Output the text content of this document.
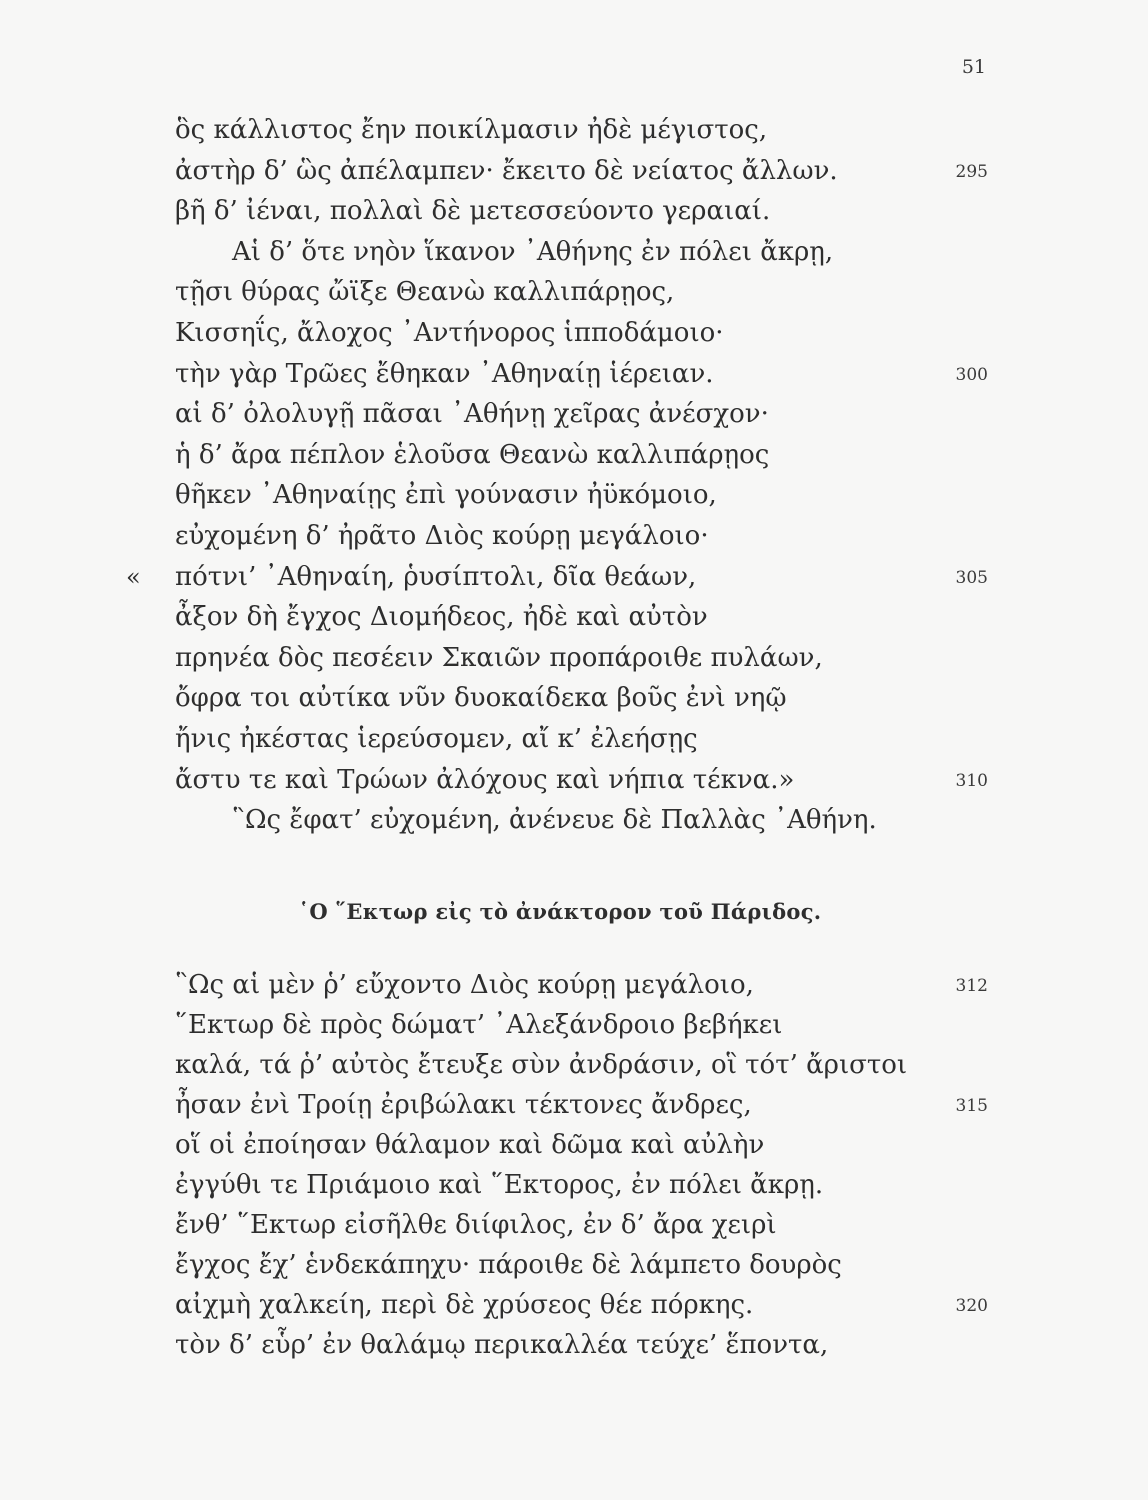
51
ὃς κάλλιστος ἔην ποικίλμασιν ἠδὲ μέγιστος,
ἀστὴρ δ’ ὣς ἀπέλαμπεν· ἔκειτο δὲ νείατος ἄλλων.	295
βῆ δ’ ἰέναι, πολλαὶ δὲ μετεσσεύοντο γεραιαί.
Αἱ δ’ ὅτε νηὸν ἵκανον ᾿Αθήνης ἐν πόλει ἄκρῃ,
τῇσι θύρας ὤϊξε Θεανὼ καλλιπάρῃος,
Κισσηΐς, ἄλοχος ᾿Αντήνορος ἱπποδάμοιο·
τὴν γὰρ Τρῶες ἔθηκαν ᾿Αθηναίῃ ἱέρειαν.	300
αἱ δ’ ὀλολυγῇ πᾶσαι ᾿Αθήνῃ χεῖρας ἀνέσχον·
ἡ δ’ ἄρα πέπλον ἑλοῦσα Θεανὼ καλλιπάρῃος
θῆκεν ᾿Αθηναίῃς ἐπὶ γούνασιν ἠϋκόμοιο,
εὐχομένη δ’ ἠρᾶτο Διὸς κούρῃ μεγάλοιο·
« πότνι’ ᾿Αθηναίη, ῥυσίπτολι, δῖα θεάων,	305
ἆξον δὴ ἔγχος Διομήδεος, ἠδὲ καὶ αὐτὸν
πρηνέα δὸς πεσέειν Σκαιῶν προπάροιθε πυλάων,
ὄφρα τοι αὐτίκα νῦν δυοκαίδεκα βοῦς ἐνὶ νηῷ
ἤνις ἠκέστας ἱερεύσομεν, αἴ κ’ ἐλεήσῃς
ἄστυ τε καὶ Τρώων ἀλόχους καὶ νήπια τέκνα.»	310
῝Ως ἔφατ’ εὐχομένη, ἀνένευε δὲ Παλλὰς ᾿Αθήνη.
῾Ο ῞Εκτωρ εἰς τὸ ἀνάκτορον τοῦ Πάριδος.
῝Ως αἱ μὲν ῥ’ εὔχοντο Διὸς κούρῃ μεγάλοιο,	312
῞Εκτωρ δὲ πρὸς δώματ’ ᾿Αλεξάνδροιο βεβήκει
καλά, τά ῥ’ αὐτὸς ἔτευξε σὺν ἀνδράσιν, οἳ τότ’ ἄριστοι
ἦσαν ἐνὶ Τροίῃ ἐριβώλακι τέκτονες ἄνδρες,	315
οἵ οἱ ἐποίησαν θάλαμον καὶ δῶμα καὶ αὐλὴν
ἐγγύθι τε Πριάμοιο καὶ ῞Εκτορος, ἐν πόλει ἄκρῃ.
ἔνθ’ ῞Εκτωρ εἰσῆλθε διίφιλος, ἐν δ’ ἄρα χειρὶ
ἔγχος ἔχ’ ἑνδεκάπηχυ· πάροιθε δὲ λάμπετο δουρὸς
αἰχμὴ χαλκείη, περὶ δὲ χρύσεος θέε πόρκης.	320
τὸν δ’ εὗρ’ ἐν θαλάμῳ περικαλλέα τεύχε’ ἕποντα,
